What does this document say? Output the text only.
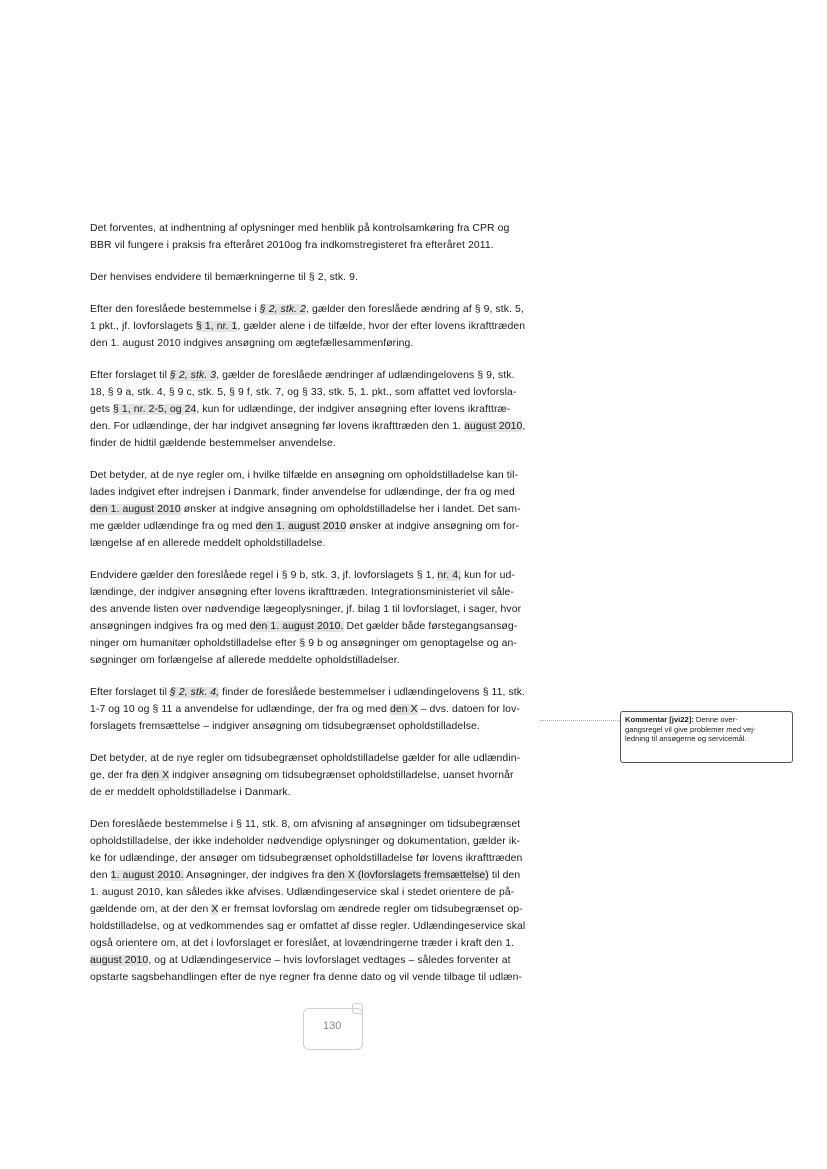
Det forventes, at indhentning af oplysninger med henblik på kontrolsamkøring fra CPR og
BBR vil fungere i praksis fra efteråret 2010og fra indkomstregisteret fra efteråret 2011.
Der henvises endvidere til bemærkningerne til § 2, stk. 9.
Efter den foreslåede bestemmelse i § 2, stk. 2, gælder den foreslåede ændring af § 9, stk. 5,
1 pkt., jf. lovforslagets § 1, nr. 1, gælder alene i de tilfælde, hvor der efter lovens ikrafttræden
den 1. august 2010 indgives ansøgning om ægtefællesammenføring.
Efter forslaget til § 2, stk. 3, gælder de foreslåede ændringer af udlændingelovens § 9, stk.
18, § 9 a, stk. 4, § 9 c, stk. 5, § 9 f, stk. 7, og § 33, stk. 5, 1. pkt., som affattet ved lovforsla-
gets § 1, nr. 2-5, og 24, kun for udlændinge, der indgiver ansøgning efter lovens ikrafttræ-
den. For udlændinge, der har indgivet ansøgning før lovens ikrafttræden den 1. august 2010,
finder de hidtil gældende bestemmelser anvendelse.
Det betyder, at de nye regler om, i hvilke tilfælde en ansøgning om opholdstilladelse kan til-
lades indgivet efter indrejsen i Danmark, finder anvendelse for udlændinge, der fra og med
den 1. august 2010 ønsker at indgive ansøgning om opholdstilladelse her i landet. Det sam-
me gælder udlændinge fra og med den 1. august 2010 ønsker at indgive ansøgning om for-
længelse af en allerede meddelt opholdstilladelse.
Endvidere gælder den foreslåede regel i § 9 b, stk. 3, jf. lovforslagets § 1, nr. 4, kun for ud-
lændinge, der indgiver ansøgning efter lovens ikrafttræden. Integrationsministeriet vil såle-
des anvende listen over nødvendige lægeoplysninger, jf. bilag 1 til lovforslaget, i sager, hvor
ansøgningen indgives fra og med den 1. august 2010. Det gælder både førstegangsansøg-
ninger om humanitær opholdstilladelse efter § 9 b og ansøgninger om genoptagelse og an-
søgninger om forlængelse af allerede meddelte opholdstilladelser.
Efter forslaget til § 2, stk. 4, finder de foreslåede bestemmelser i udlændingelovens § 11, stk.
1-7 og 10 og § 11 a anvendelse for udlændinge, der fra og med den X – dvs. datoen for lov-
forslagets fremsættelse – indgiver ansøgning om tidsubegrænset opholdstilladelse.
Det betyder, at de nye regler om tidsubegrænset opholdstilladelse gælder for alle udlændin-
ge, der fra den X indgiver ansøgning om tidsubegrænset opholdstilladelse, uanset hvornår
de er meddelt opholdstilladelse i Danmark.
Den foreslåede bestemmelse i § 11, stk. 8, om afvisning af ansøgninger om tidsubegrænset
opholdstilladelse, der ikke indeholder nødvendige oplysninger og dokumentation, gælder ik-
ke for udlændinge, der ansøger om tidsubegrænset opholdstilladelse før lovens ikrafttræden
den 1. august 2010. Ansøgninger, der indgives fra den X (lovforslagets fremsættelse) til den
1. august 2010, kan således ikke afvises. Udlændingeservice skal i stedet orientere de på-
gældende om, at der den X er fremsat lovforslag om ændrede regler om tidsubegrænset op-
holdstilladelse, og at vedkommendes sag er omfattet af disse regler. Udlændingeservice skal
også orientere om, at det i lovforslaget er foreslået, at lovændringerne træder i kraft den 1.
august 2010, og at Udlændingeservice – hvis lovforslaget vedtages – således forventer at
opstarte sagsbehandlingen efter de nye regner fra denne dato og vil vende tilbage til udlæn-
Kommentar [jvi22]: Denne over-
gangsregel vil give problemer med vej-
ledning til ansøgerne og servicemål.
130
